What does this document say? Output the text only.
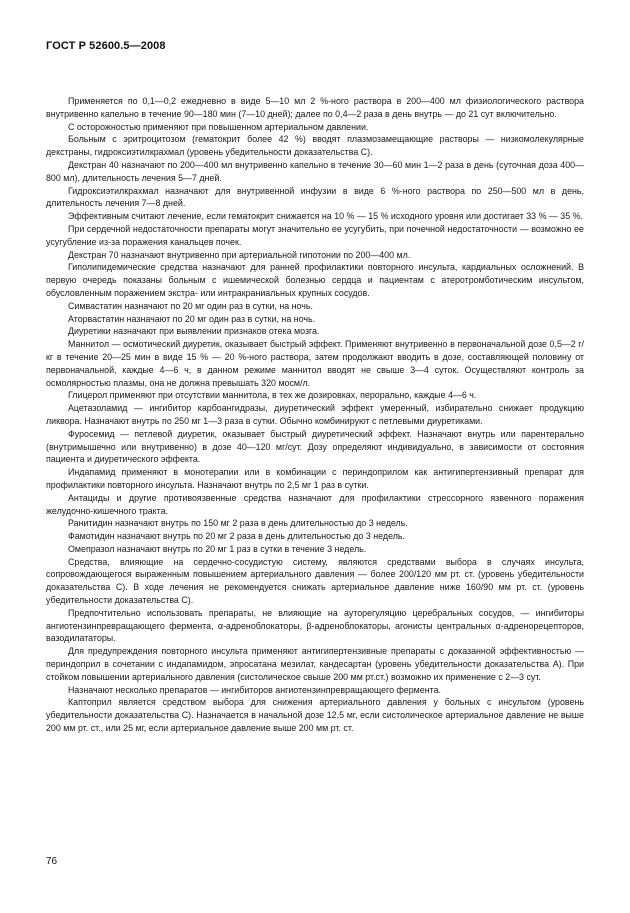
ГОСТ Р 52600.5—2008

Применяется по 0,1—0,2 ежедневно в виде 5—10 мл 2 %-ного раствора в 200—400 мл физиологического раствора внутривенно капельно в течение 90—180 мин (7—10 дней); далее по 0,4—2 раза в день внутрь — до 21 сут включительно.

С осторожностью применяют при повышенном артериальном давлении.

Больным с эритроцитозом (гематокрит более 42 %) вводят плазмозамещающие растворы — низкомолекулярные декстраны, гидроксиэтилкрахмал (уровень убедительности доказательства С).

Декстран 40 назначают по 200—400 мл внутривенно капельно в течение 30—60 мин 1—2 раза в день (суточная доза 400—800 мл), длительность лечения 5—7 дней.

Гидроксиэтилкрахмал назначают для внутривенной инфузии в виде 6 %-ного раствора по 250—500 мл в день, длительность лечения 7—8 дней.

Эффективным считают лечение, если гематокрит снижается на 10 % — 15 % исходного уровня или достигает 33 % — 35 %.

При сердечной недостаточности препараты могут значительно ее усугубить, при почечной недостаточности — возможно ее усугубление из-за поражения канальцев почек.

Декстран 70 назначают внутривенно при артериальной гипотонии по 200—400 мл.

Гиполипидемические средства назначают для ранней профилактики повторного инсульта, кардиальных осложнений. В первую очередь показаны больным с ишемической болезнью сердца и пациентам с атеротромботическим инсультом, обусловленным поражением экстра- или интракраниальных крупных сосудов.

Симвастатин назначают по 20 мг один раз в сутки, на ночь.

Аторвастатин назначают по 20 мг один раз в сутки, на ночь.

Диуретики назначают при выявлении признаков отека мозга.

Маннитол — осмотический диуретик, оказывает быстрый эффект. Применяют внутривенно в первоначальной дозе 0,5—2 г/кг в течение 20—25 мин в виде 15 % — 20 %-ного раствора, затем продолжают вводить в дозе, составляющей половину от первоначальной, каждые 4—6 ч, в данном режиме маннитол вводят не свыше 3—4 суток. Осуществляют контроль за осмолярностью плазмы, она не должна превышать 320 мосм/л.

Глицерол применяют при отсутствии маннитола, в тех же дозировках, перорально, каждые 4—6 ч.

Ацетазоламид — ингибитор карбоангидразы, диуретический эффект умеренный, избирательно снижает продукцию ликвора. Назначают внутрь по 250 мг 1—3 раза в сутки. Обычно комбинируют с петлевыми диуретиками.

Фуросемид — петлевой диуретик, оказывает быстрый диуретический эффект. Назначают внутрь или парентерально (внутримышечно или внутривенно) в дозе 40—120 мг/сут. Дозу определяют индивидуально, в зависимости от состояния пациента и диуретического эффекта.

Индапамид применяют в монотерапии или в комбинации с периндоприлом как антигипертензивный препарат для профилактики повторного инсульта. Назначают внутрь по 2,5 мг 1 раз в сутки.

Антациды и другие противоязвенные средства назначают для профилактики стрессорного язвенного поражения желудочно-кишечного тракта.

Ранитидин назначают внутрь по 150 мг 2 раза в день длительностью до 3 недель.

Фамотидин назначают внутрь по 20 мг 2 раза в день длительностью до 3 недель.

Омепразол назначают внутрь по 20 мг 1 раз в сутки в течение 3 недель.

Средства, влияющие на сердечно-сосудистую систему, являются средствами выбора в случаях инсульта, сопровождающегося выраженным повышением артериального давления — более 200/120 мм рт. ст. (уровень убедительности доказательства С). В ходе лечения не рекомендуется снижать артериальное давление ниже 160/90 мм рт. ст. (уровень убедительности доказательства С).

Предпочтительно использовать препараты, не влияющие на ауторегуляцию церебральных сосудов, — ингибиторы ангиотензинпревращающего фермента, α-адреноблокаторы, β-адреноблокаторы, агонисты центральных α-адренорецепторов, вазодилататоры.

Для предупреждения повторного инсульта применяют антигипертензивные препараты с доказанной эффективностью — периндоприл в сочетании с индапамидом, эпросатана мезилат, кандесартан (уровень убедительности доказательства А). При стойком повышении артериального давления (систолическое свыше 200 мм рт.ст.) возможно их применение с 2—3 сут.

Назначают несколько препаратов — ингибиторов ангиотензинпревращающего фермента.

Каптоприл является средством выбора для снижения артериального давления у больных с инсультом (уровень убедительности доказательства С). Назначается в начальной дозе 12,5 мг, если систолическое артериальное давление не выше 200 мм рт. ст., или 25 мг, если артериальное давление выше 200 мм рт. ст.

76
